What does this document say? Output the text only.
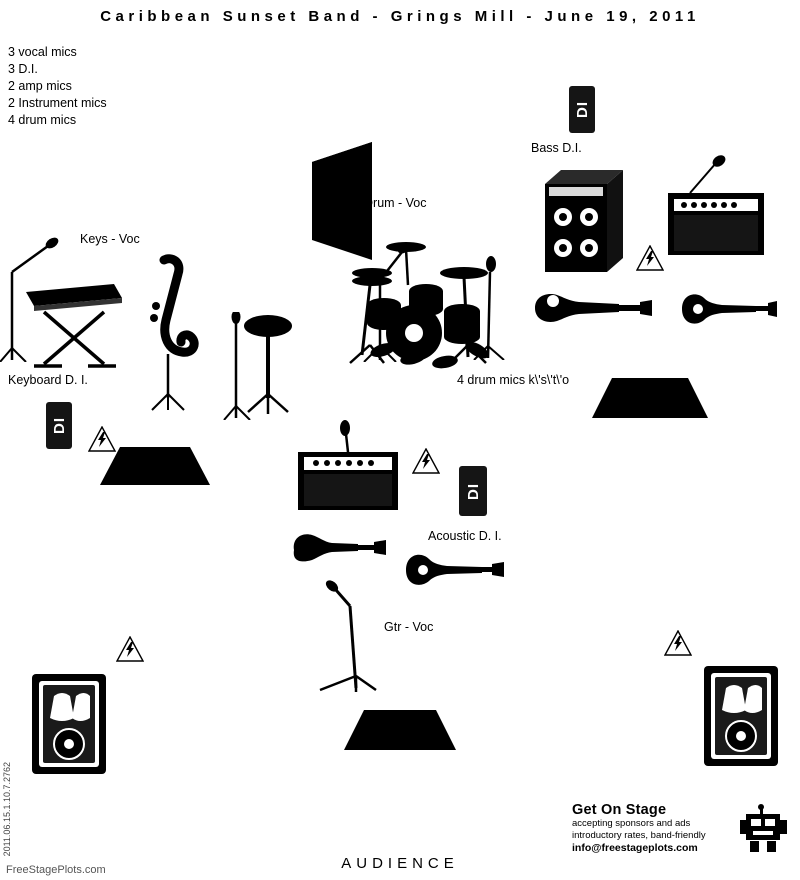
Caribbean Sunset Band - Grings Mill - June 19, 2011
3 vocal mics
3 D.I.
2 amp mics
2 Instrument mics
4 drum mics
DI
Bass D.I.
Drum - Voc
4 drum mics k\'s\'t\'o
Keys - Voc
Keyboard D. I.
DI
DI
Acoustic D. I.
Gtr - Voc
AUDIENCE
FreeStagePlots.com
2011.06.15.1.10.7.2762	Get On Stage
accepting sponsors and ads
introductory rates, band-friendly
info@freestageplots.com
